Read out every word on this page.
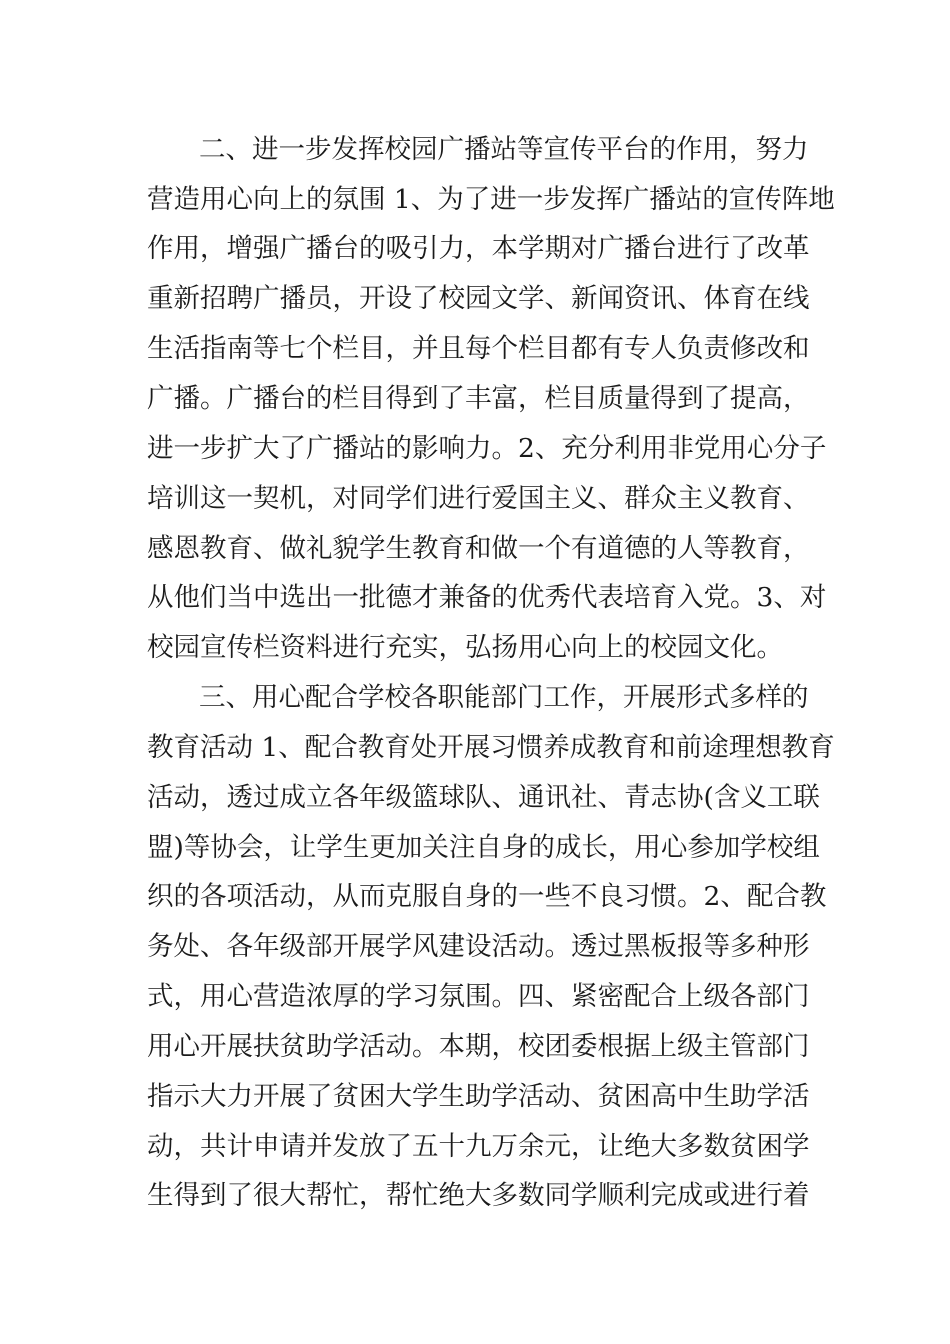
二、进一步发挥校园广播站等宣传平台的作用，努力
营造用心向上的氛围 1、为了进一步发挥广播站的宣传阵地
作用，增强广播台的吸引力，本学期对广播台进行了改革
重新招聘广播员，开设了校园文学、新闻资讯、体育在线
生活指南等七个栏目，并且每个栏目都有专人负责修改和
广播。广播台的栏目得到了丰富，栏目质量得到了提高，
进一步扩大了广播站的影响力。2、充分利用非党用心分子
培训这一契机，对同学们进行爱国主义、群众主义教育、
感恩教育、做礼貌学生教育和做一个有道德的人等教育，
从他们当中选出一批德才兼备的优秀代表培育入党。3、对
校园宣传栏资料进行充实，弘扬用心向上的校园文化。
三、用心配合学校各职能部门工作，开展形式多样的
教育活动 1、配合教育处开展习惯养成教育和前途理想教育
活动，透过成立各年级篮球队、通讯社、青志协(含义工联
盟)等协会，让学生更加关注自身的成长，用心参加学校组
织的各项活动，从而克服自身的一些不良习惯。2、配合教
务处、各年级部开展学风建设活动。透过黑板报等多种形
式，用心营造浓厚的学习氛围。四、紧密配合上级各部门
用心开展扶贫助学活动。本期，校团委根据上级主管部门
指示大力开展了贫困大学生助学活动、贫困高中生助学活
动，共计申请并发放了五十九万余元，让绝大多数贫困学
生得到了很大帮忙，帮忙绝大多数同学顺利完成或进行着
